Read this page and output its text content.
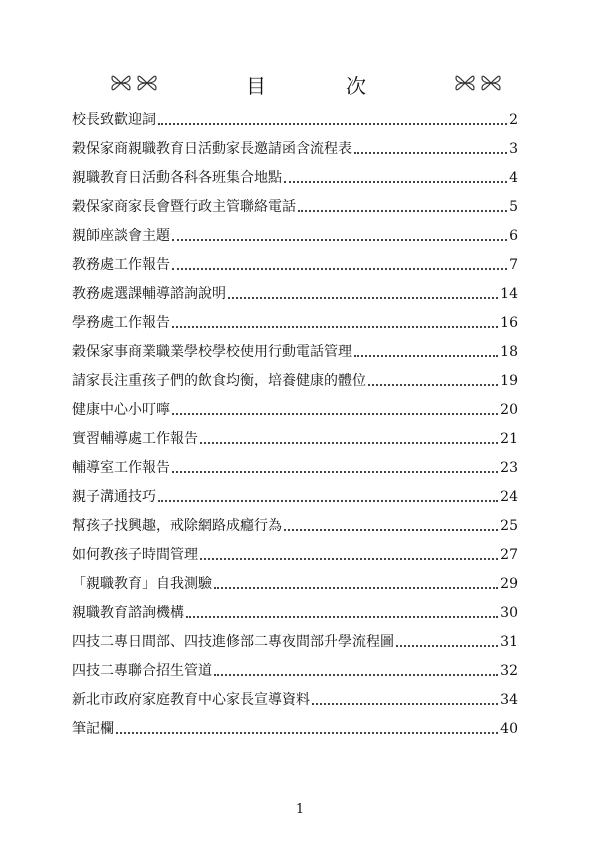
目　次
校長致歡迎詞	2
穀保家商親職教育日活動家長邀請函含流程表	3
親職教育日活動各科各班集合地點	4
穀保家商家長會暨行政主管聯絡電話	5
親師座談會主題	6
教務處工作報告	7
教務處選課輔導諮詢說明	14
學務處工作報告	16
穀保家事商業職業學校學校使用行動電話管理	18
請家長注重孩子們的飲食均衡，培養健康的體位	19
健康中心小叮嚀	20
實習輔導處工作報告	21
輔導室工作報告	23
親子溝通技巧	24
幫孩子找興趣，戒除網路成癮行為	25
如何教孩子時間管理	27
「親職教育」自我測驗	29
親職教育諮詢機構	30
四技二專日間部、四技進修部二專夜間部升學流程圖	31
四技二專聯合招生管道	32
新北市政府家庭教育中心家長宣導資料	34
筆記欄	40
1
